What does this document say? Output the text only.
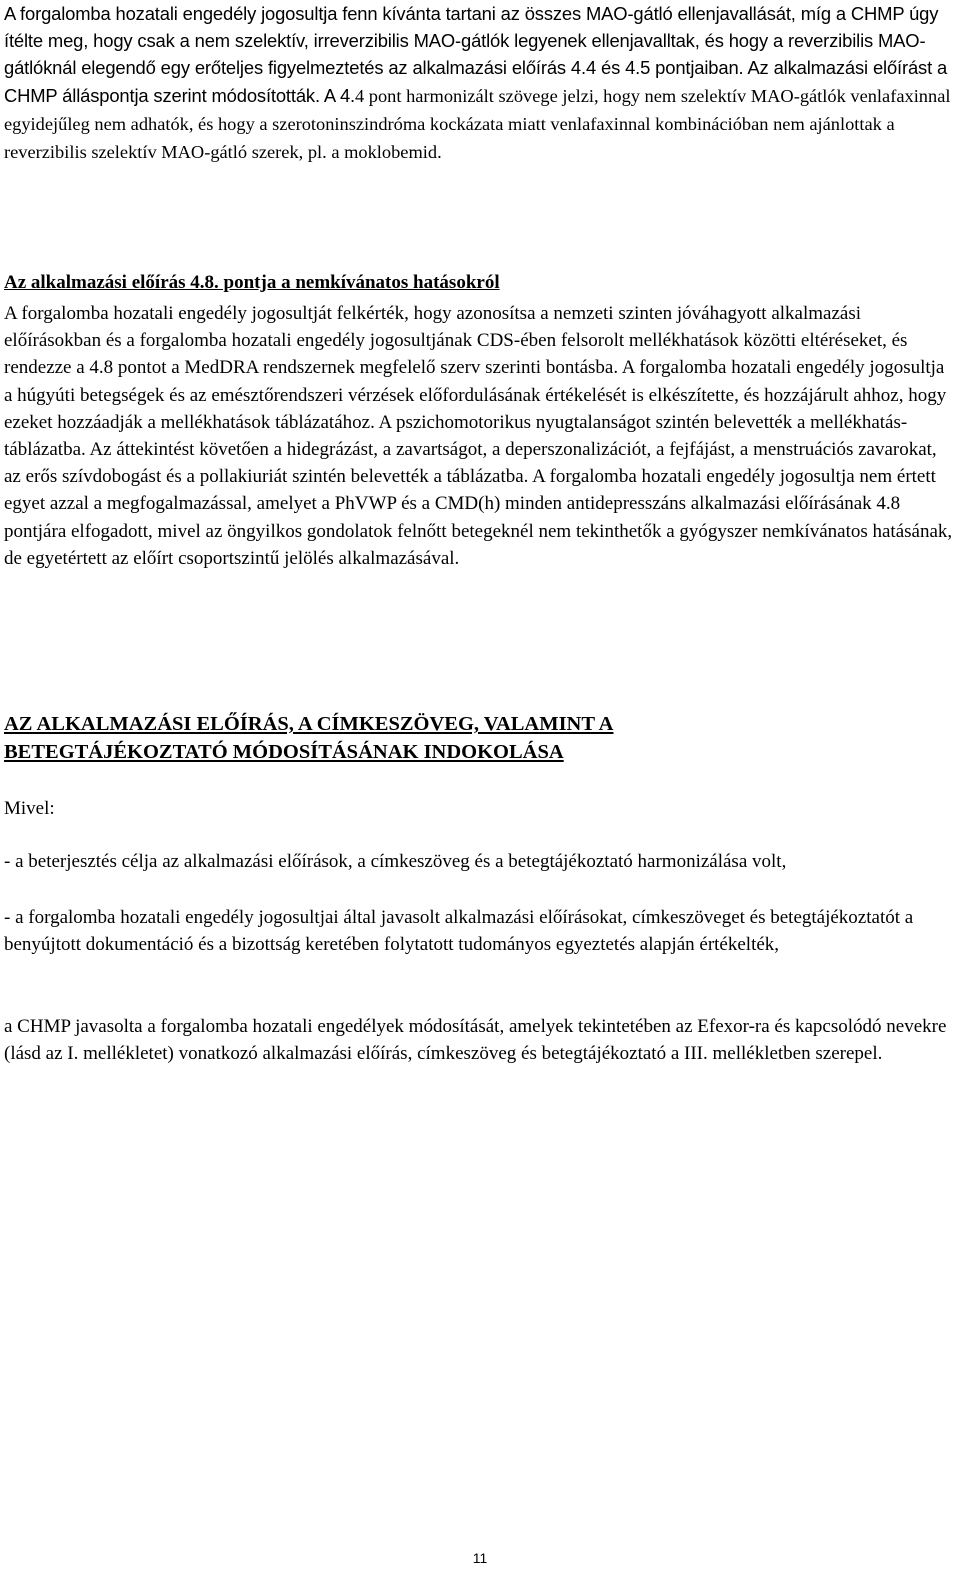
A forgalomba hozatali engedély jogosultja fenn kívánta tartani az összes MAO-gátló ellenjavallását, míg a CHMP úgy ítélte meg, hogy csak a nem szelektív, irreverzibilis MAO-gátlók legyenek ellenjavalltak, és hogy a reverzibilis MAO-gátlóknál elegendő egy erőteljes figyelmeztetés az alkalmazási előírás 4.4 és 4.5 pontjaiban. Az alkalmazási előírást a CHMP álláspontja szerint módosították. A 4.4 pont harmonizált szövege jelzi, hogy nem szelektív MAO-gátlók venlafaxinnal egyidejűleg nem adhatók, és hogy a szerotoninszindróma kockázata miatt venlafaxinnal kombinációban nem ajánlottak a reverzibilis szelektív MAO-gátló szerek, pl. a moklobemid.

Az alkalmazási előírás 4.8. pontja a nemkívánatos hatásokról

A forgalomba hozatali engedély jogosultját felkérték, hogy azonosítsa a nemzeti szinten jóváhagyott alkalmazási előírásokban és a forgalomba hozatali engedély jogosultjának CDS-ében felsorolt mellékhatások közötti eltéréseket, és rendezze a 4.8 pontot a MedDRA rendszernek megfelelő szerv szerinti bontásba. A forgalomba hozatali engedély jogosultja a húgyúti betegségek és az emésztőrendszeri vérzések előfordulásának értékelését is elkészítette, és hozzájárult ahhoz, hogy ezeket hozzáadják a mellékhatások táblázatához. A pszichomotorikus nyugtalanságot szintén belevették a mellékhatás-táblázatba. Az áttekintést követően a hidegrázást, a zavartságot, a deperszonalizációt, a fejfájást, a menstruációs zavarokat, az erős szívdobogást és a pollakiuriát szintén belevették a táblázatba. A forgalomba hozatali engedély jogosultja nem értett egyet azzal a megfogalmazással, amelyet a PhVWP és a CMD(h) minden antidepresszáns alkalmazási előírásának 4.8 pontjára elfogadott, mivel az öngyilkos gondolatok felnőtt betegeknél nem tekinthetők a gyógyszer nemkívánatos hatásának, de egyetértett az előírt csoportszintű jelölés alkalmazásával.

AZ ALKALMAZÁSI ELŐÍRÁS, A CÍMKESZÖVEG, VALAMINT A
BETEGTÁJÉKOZTATÓ MÓDOSÍTÁSÁNAK INDOKOLÁSA

Mivel:

- a beterjesztés célja az alkalmazási előírások, a címkeszöveg és a betegtájékoztató harmonizálása volt,

- a forgalomba hozatali engedély jogosultjai által javasolt alkalmazási előírásokat, címkeszöveget és betegtájékoztatót a benyújtott dokumentáció és a bizottság keretében folytatott tudományos egyeztetés alapján értékelték,

a CHMP javasolta a forgalomba hozatali engedélyek módosítását, amelyek tekintetében az Efexor-ra és kapcsolódó nevekre (lásd az I. mellékletet) vonatkozó alkalmazási előírás, címkeszöveg és betegtájékoztató a III. mellékletben szerepel.

11
